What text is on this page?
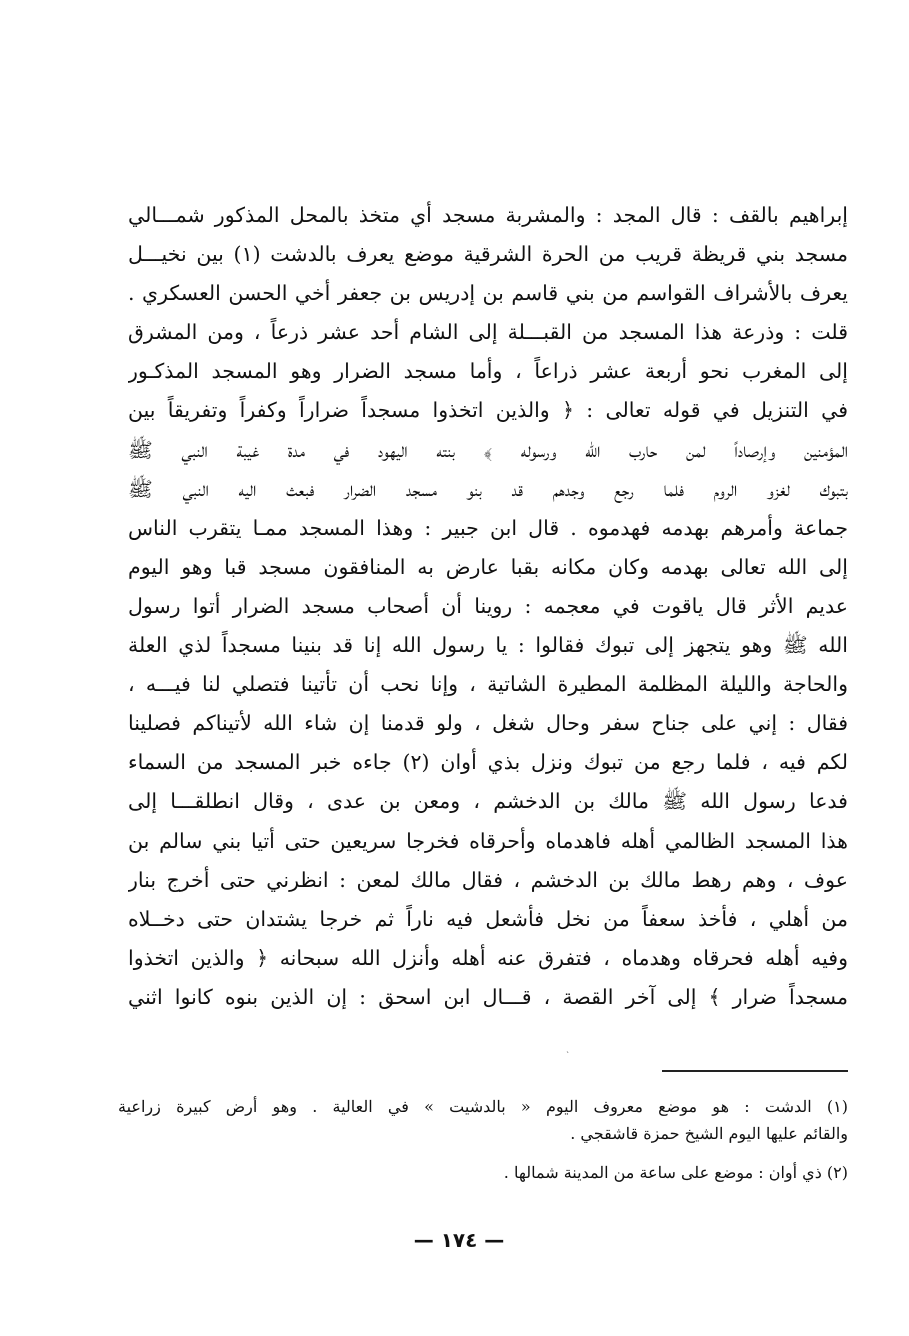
إبراهيم بالقف : قال المجد : والمشربة مسجد أي متخذ بالمحل المذكور شمـــالي
مسجد بني قريظة قريب من الحرة الشرقية موضع يعرف بالدشت (١) بين نخيـــل
يعرف بالأشراف القواسم من بني قاسم بن إدريس بن جعفر أخي الحسن العسكري .
قلت : وذرعة هذا المسجد من القبـــلة إلى الشام أحد عشر ذرعاً ، ومن المشرق
إلى المغرب نحو أربعة عشر ذراعاً ، وأما مسجد الضرار وهو المسجد المذكـور
في التنزيل في قوله تعالى : ﴿ والذين اتخذوا مسجداً ضراراً وكفراً وتفريقاً بين
المؤمنين وإرصاداً لمن حارب الله ورسوله ﴾ بنته اليهود في مدة غيبة النبي ﷺ
بتبوك لغزو الروم فلما رجع وجدهم قد بنو مسجد الضرار فبعث اليه النبي ﷺ
جماعة وأمرهم بهدمه فهدموه . قال ابن جبير : وهذا المسجد ممـا يتقرب الناس
إلى الله تعالى بهدمه وكان مكانه بقبا عارض به المنافقون مسجد قبا وهو اليوم
عديم الأثر قال ياقوت في معجمه : روينا أن أصحاب مسجد الضرار أتوا رسول
الله ﷺ وهو يتجهز إلى تبوك فقالوا : يا رسول الله إنا قد بنينا مسجداً لذي العلة
والحاجة والليلة المظلمة المطيرة الشاتية ، وإنا نحب أن تأتينا فتصلي لنا فيـــه ،
فقال : إني على جناح سفر وحال شغل ، ولو قدمنا إن شاء الله لأتيناكم فصلينا
لكم فيه ، فلما رجع من تبوك ونزل بذي أوان (٢) جاءه خبر المسجد من السماء
فدعا رسول الله ﷺ مالك بن الدخشم ، ومعن بن عدى ، وقال انطلقـــا إلى
هذا المسجد الظالمي أهله فاهدماه وأحرقاه فخرجا سريعين حتى أتيا بني سالم بن
عوف ، وهم رهط مالك بن الدخشم ، فقال مالك لمعن : انظرني حتى أخرج بنار
من أهلي ، فأخذ سعفاً من نخل فأشعل فيه ناراً ثم خرجا يشتدان حتى دخــلاه
وفيه أهله فحرقاه وهدماه ، فتفرق عنه أهله وأنزل الله سبحانه ﴿ والذين اتخذوا
مسجداً ضرار ﴾ إلى آخر القصة ، قـــال ابن اسحق : إن الذين بنوه كانوا اثني
ˋ
(١) الدشت : هو موضع معروف اليوم « بالدشيت » في العالية . وهو أرض كبيرة زراعية
والقائم عليها اليوم الشيخ حمزة قاشقجي .
(٢) ذي أوان : موضع على ساعة من المدينة شمالها .
— ١٧٤ —
